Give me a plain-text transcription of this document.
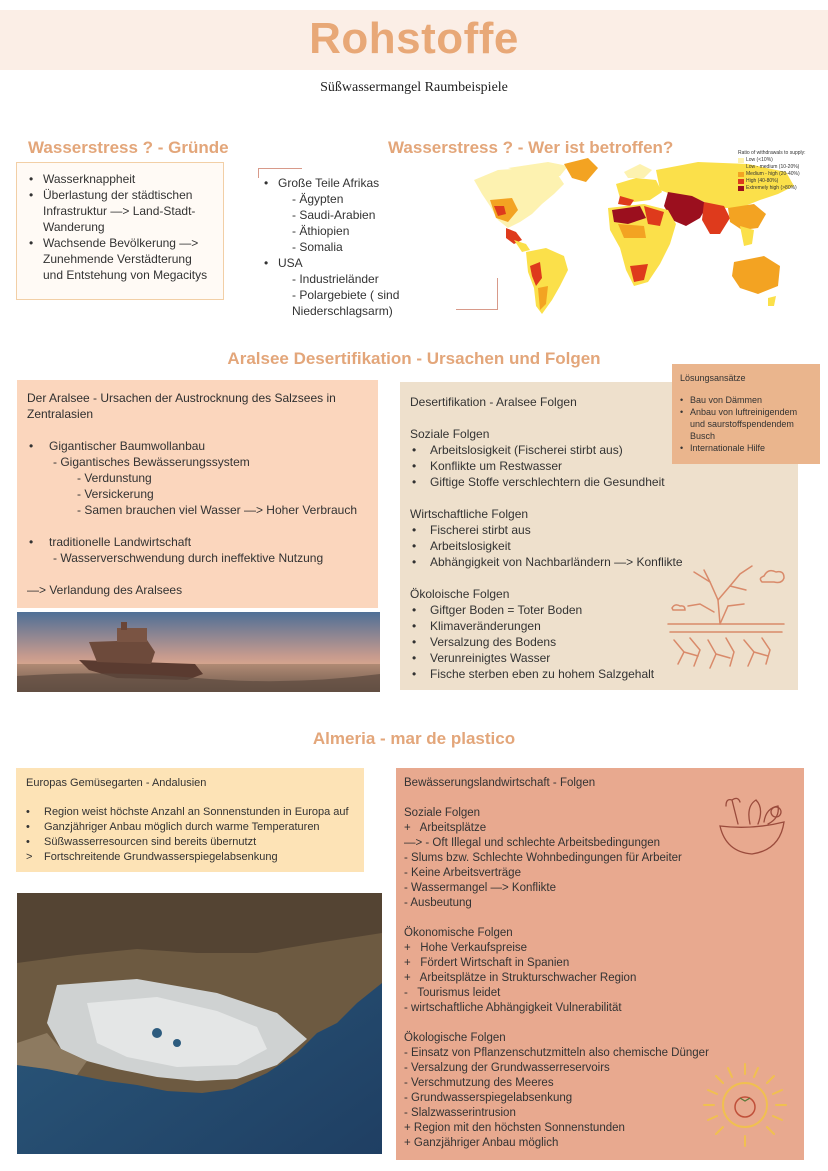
Rohstoffe
Süßwassermangel Raumbeispiele
Wasserstress ? - Gründe
• Wasserknappheit
• Überlastung der städtischen Infrastruktur —> Land-Stadt-Wanderung
• Wachsende Bevölkerung —> Zunehmende Verstädterung und Entstehung von Megacitys
Wasserstress ? - Wer ist betroffen?
• Große Teile Afrikas
- Ägypten
- Saudi-Arabien
- Äthiopien
- Somalia
• USA
- Industrieländer
- Polargebiete ( sind Niederschlagsarm)
Ratio of withdrawals to supply:
Low (<10%)
Low - medium (10-20%)
Medium - high (20-40%)
High (40-80%)
Extremely high (>80%)
Aralsee Desertifikation - Ursachen und Folgen
Der Aralsee - Ursachen der Austrocknung des Salzsees in Zentralasien
• Gigantischer Baumwollanbau
- Gigantisches Bewässerungssystem
- Verdunstung
- Versickerung
- Samen brauchen viel Wasser —> Hoher Verbrauch
• traditionelle Landwirtschaft
- Wasserverschwendung durch ineffektive Nutzung
—> Verlandung des Aralsees
Desertifikation - Aralsee Folgen
Soziale Folgen
• Arbeitslosigkeit (Fischerei stirbt aus)
• Konflikte um Restwasser
• Giftige Stoffe verschlechtern die Gesundheit
Wirtschaftliche Folgen
• Fischerei stirbt aus
• Arbeitslosigkeit
• Abhängigkeit von Nachbarländern —> Konflikte
Ökoloische Folgen
• Giftger Boden = Toter Boden
• Klimaveränderungen
• Versalzung des Bodens
• Verunreinigtes Wasser
• Fische sterben eben zu hohem Salzgehalt
Lösungsansätze
• Bau von Dämmen
• Anbau von luftreinigendem und saurstoffspendendem Busch
• Internationale Hilfe
Almeria - mar de plastico
Europas Gemüsegarten - Andalusien
•	Region weist höchste Anzahl an Sonnenstunden in Europa auf
•	Ganzjähriger Anbau möglich durch warme Temperaturen
•	Süßwasserresourcen sind bereits übernutzt
>	Fortschreitende Grundwasserspiegelabsenkung
Bewässerungslandwirtschaft - Folgen
Soziale Folgen
+   Arbeitsplätze
—> - Oft Illegal und schlechte Arbeitsbedingungen
- Slums bzw. Schlechte Wohnbedingungen für Arbeiter
- Keine Arbeitsverträge
- Wassermangel —> Konflikte
- Ausbeutung
Ökonomische Folgen
+   Hohe Verkaufspreise
+   Fördert Wirtschaft in Spanien
+   Arbeitsplätze in Strukturschwacher Region
-   Tourismus leidet
- wirtschaftliche Abhängigkeit Vulnerabilität
Ökologische Folgen
- Einsatz von Pflanzenschutzmitteln also chemische Dünger
- Versalzung der Grundwasserreservoirs
- Verschmutzung des Meeres
- Grundwasserspiegelabsenkung
- Slalzwasserintrusion
+ Region mit den höchsten Sonnenstunden
+ Ganzjähriger Anbau möglich
